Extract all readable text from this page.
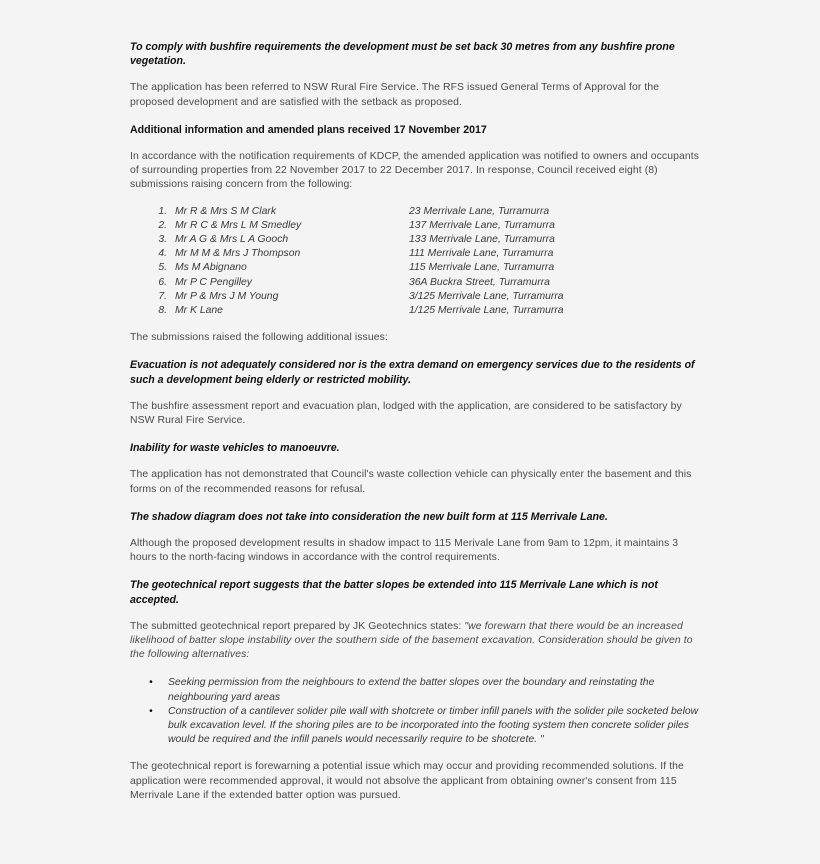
To comply with bushfire requirements the development must be set back 30 metres from any bushfire prone vegetation.

The application has been referred to NSW Rural Fire Service. The RFS issued General Terms of Approval for the proposed development and are satisfied with the setback as proposed.

Additional information and amended plans received 17 November 2017

In accordance with the notification requirements of KDCP, the amended application was notified to owners and occupants of surrounding properties from 22 November 2017 to 22 December 2017. In response, Council received eight (8) submissions raising concern from the following:

1. Mr R & Mrs S M Clark	23 Merrivale Lane, Turramurra
2. Mr R C & Mrs L M Smedley	137 Merrivale Lane, Turramurra
3. Mr A G & Mrs L A Gooch	133 Merrivale Lane, Turramurra
4. Mr M M & Mrs J Thompson	111 Merrivale Lane, Turramurra
5. Ms M Abignano	115 Merrivale Lane, Turramurra
6. Mr P C Pengilley	36A Buckra Street, Turramurra
7. Mr P & Mrs J M Young	3/125 Merrivale Lane, Turramurra
8. Mr K Lane	1/125 Merrivale Lane, Turramurra

The submissions raised the following additional issues:

Evacuation is not adequately considered nor is the extra demand on emergency services due to the residents of such a development being elderly or restricted mobility.

The bushfire assessment report and evacuation plan, lodged with the application, are considered to be satisfactory by NSW Rural Fire Service.

Inability for waste vehicles to manoeuvre.

The application has not demonstrated that Council's waste collection vehicle can physically enter the basement and this forms on of the recommended reasons for refusal.

The shadow diagram does not take into consideration the new built form at 115 Merrivale Lane.

Although the proposed development results in shadow impact to 115 Merivale Lane from 9am to 12pm, it maintains 3 hours to the north-facing windows in accordance with the control requirements.

The geotechnical report suggests that the batter slopes be extended into 115 Merrivale Lane which is not accepted.

The submitted geotechnical report prepared by JK Geotechnics states: "we forewarn that there would be an increased likelihood of batter slope instability over the southern side of the basement excavation. Consideration should be given to the following alternatives:

•	Seeking permission from the neighbours to extend the batter slopes over the boundary and reinstating the neighbouring yard areas
•	Construction of a cantilever solider pile wall with shotcrete or timber infill panels with the solider pile socketed below bulk excavation level. If the shoring piles are to be incorporated into the footing system then concrete solider piles would be required and the infill panels would necessarily require to be shotcrete. "

The geotechnical report is forewarning a potential issue which may occur and providing recommended solutions. If the application were recommended approval, it would not absolve the applicant from obtaining owner's consent from 115 Merrivale Lane if the extended batter option was pursued.
